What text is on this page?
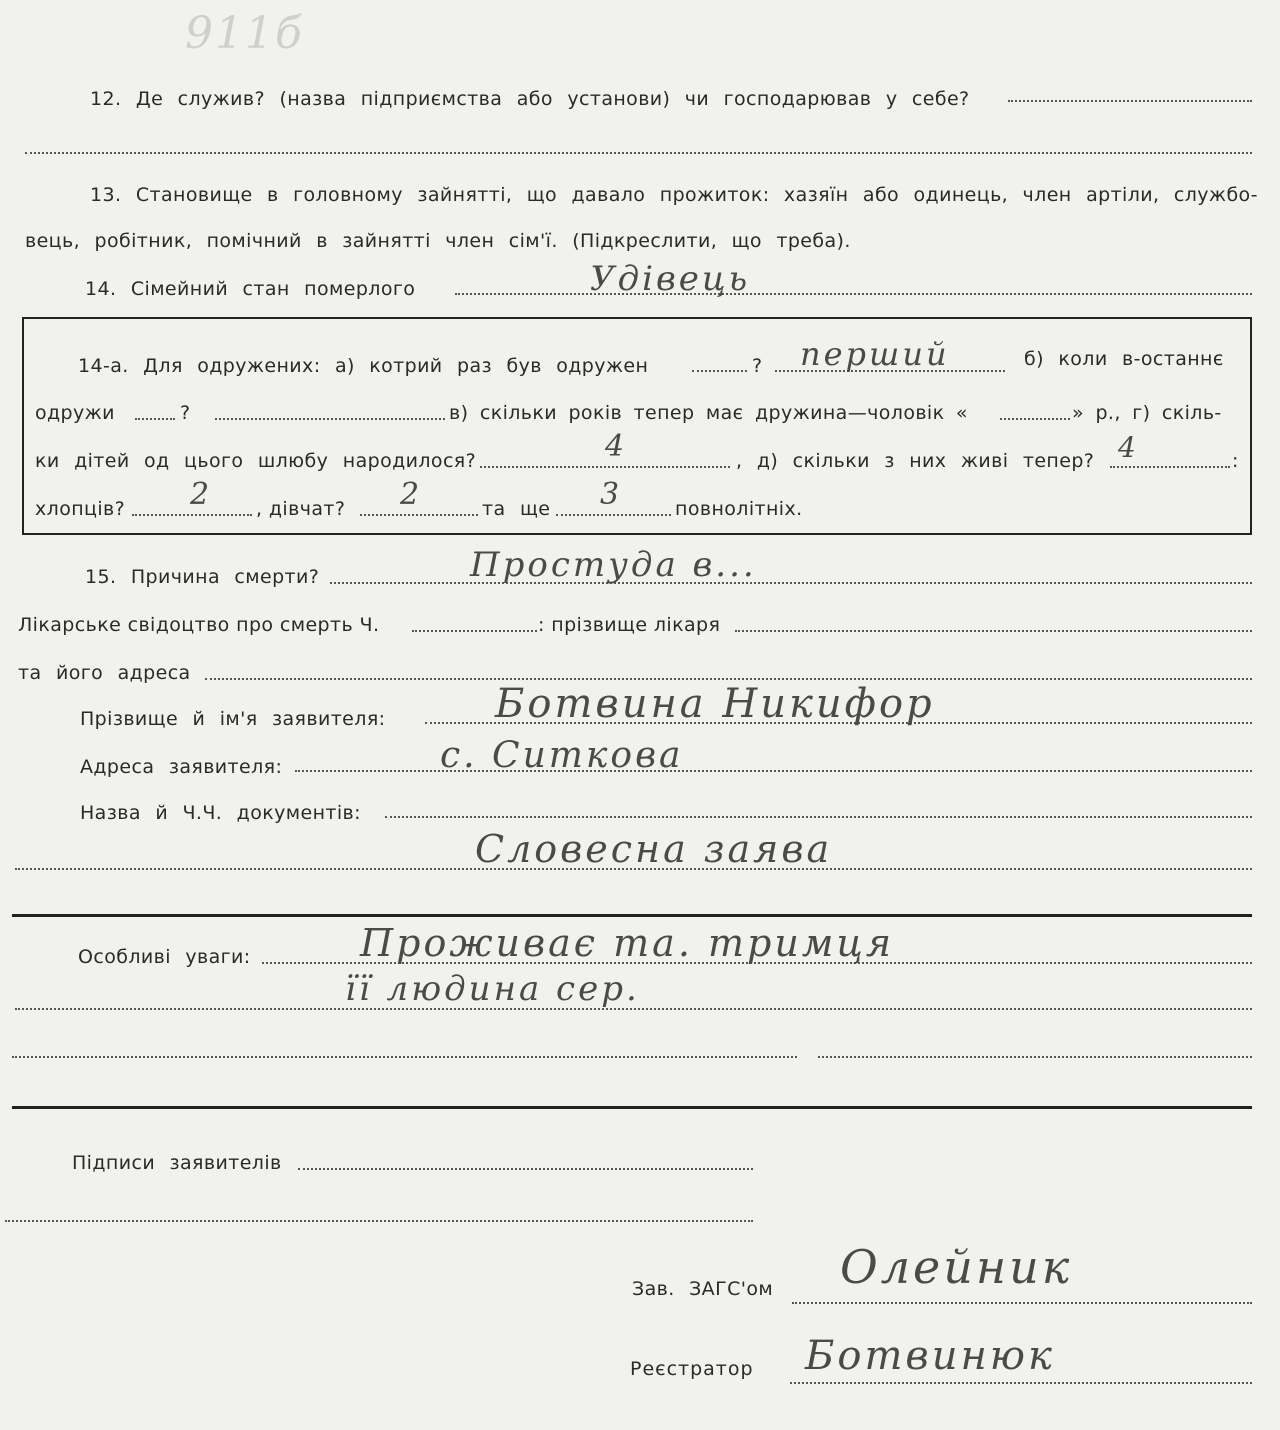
911б
12. Де служив? (назва підприємства або установи) чи господарював у себе?
13. Становище в головному зайнятті, що давало прожиток: хазяїн або одинець, член артіли, службо-
вець, робітник, помічний в зайнятті член сім'ї. (Підкреслити, що треба).
14. Сімейний стан померлого	Удівець
14-а. Для одружених: а) котрий раз був одружен	? перший	б) коли в-останнє
одружи	?	в) скільки років тепер має дружина—чоловік «	» р., г) скіль-
ки дітей од цього шлюбу народилося?	4	, д) скільки з них живі тепер? 4	:
хлопців? 2 , дівчат? 2	та ще 3	повнолітніх.
15. Причина смерти?	Простуда в...
Лікарське свідоцтво про смерть Ч.	: прізвище лікаря
та його адреса
Прізвище й ім'я заявителя:	Ботвина Никифор
Адреса заявителя:	с. Ситкова
Назва й Ч.Ч. документів:
Словесна заява
Особливі уваги:	Проживає та. тримця
її людина сер.
Підписи заявителів
Зав. ЗАГС'ом Олейник
Реєстратор Ботвинюк
